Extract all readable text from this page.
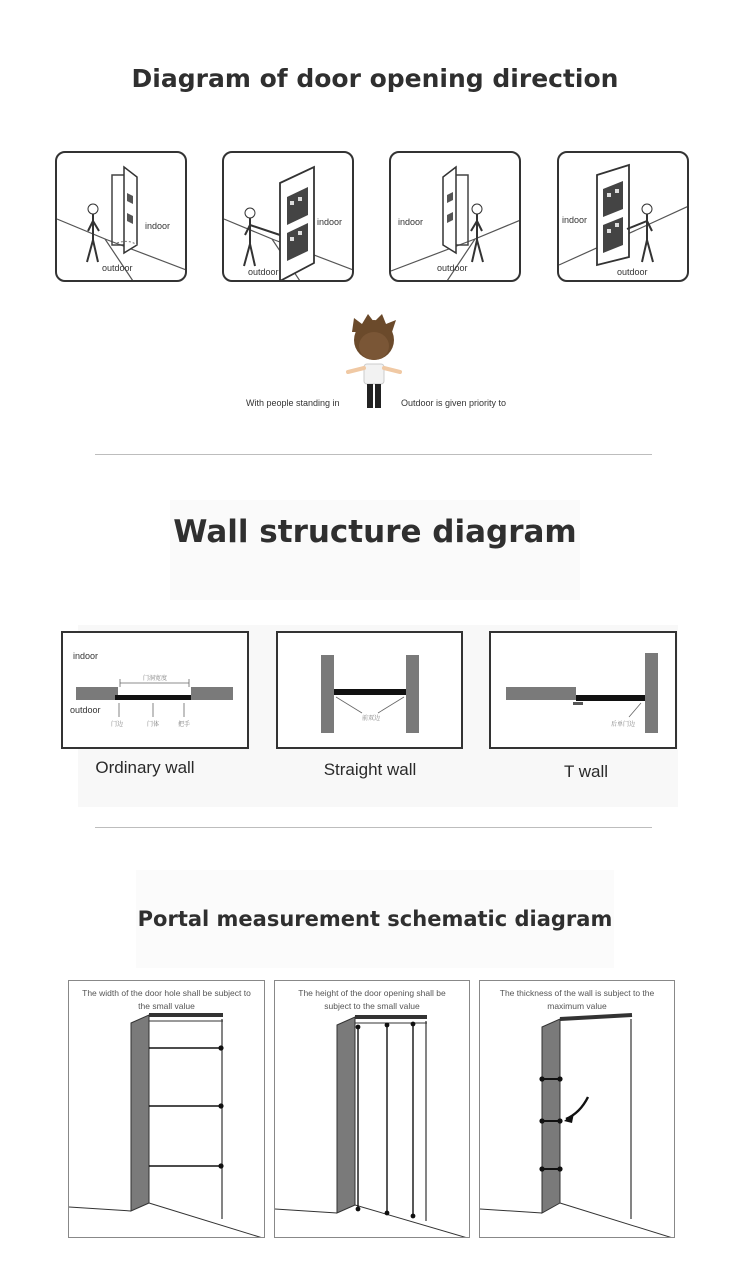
Diagram of door opening direction
indoor
outdoor
indoor
outdoor
indoor
outdoor
indoor
outdoor
With people standing in	Outdoor is given priority to
Wall structure diagram
indoor
outdoor
门洞宽度
门边	门体	把手
Ordinary wall
前双边
Straight wall
后单门边
T wall
Portal measurement schematic diagram
The width of the door hole shall be subject to the small value
The height of the door opening shall be subject to the small value
The thickness of the wall is subject to the maximum value
